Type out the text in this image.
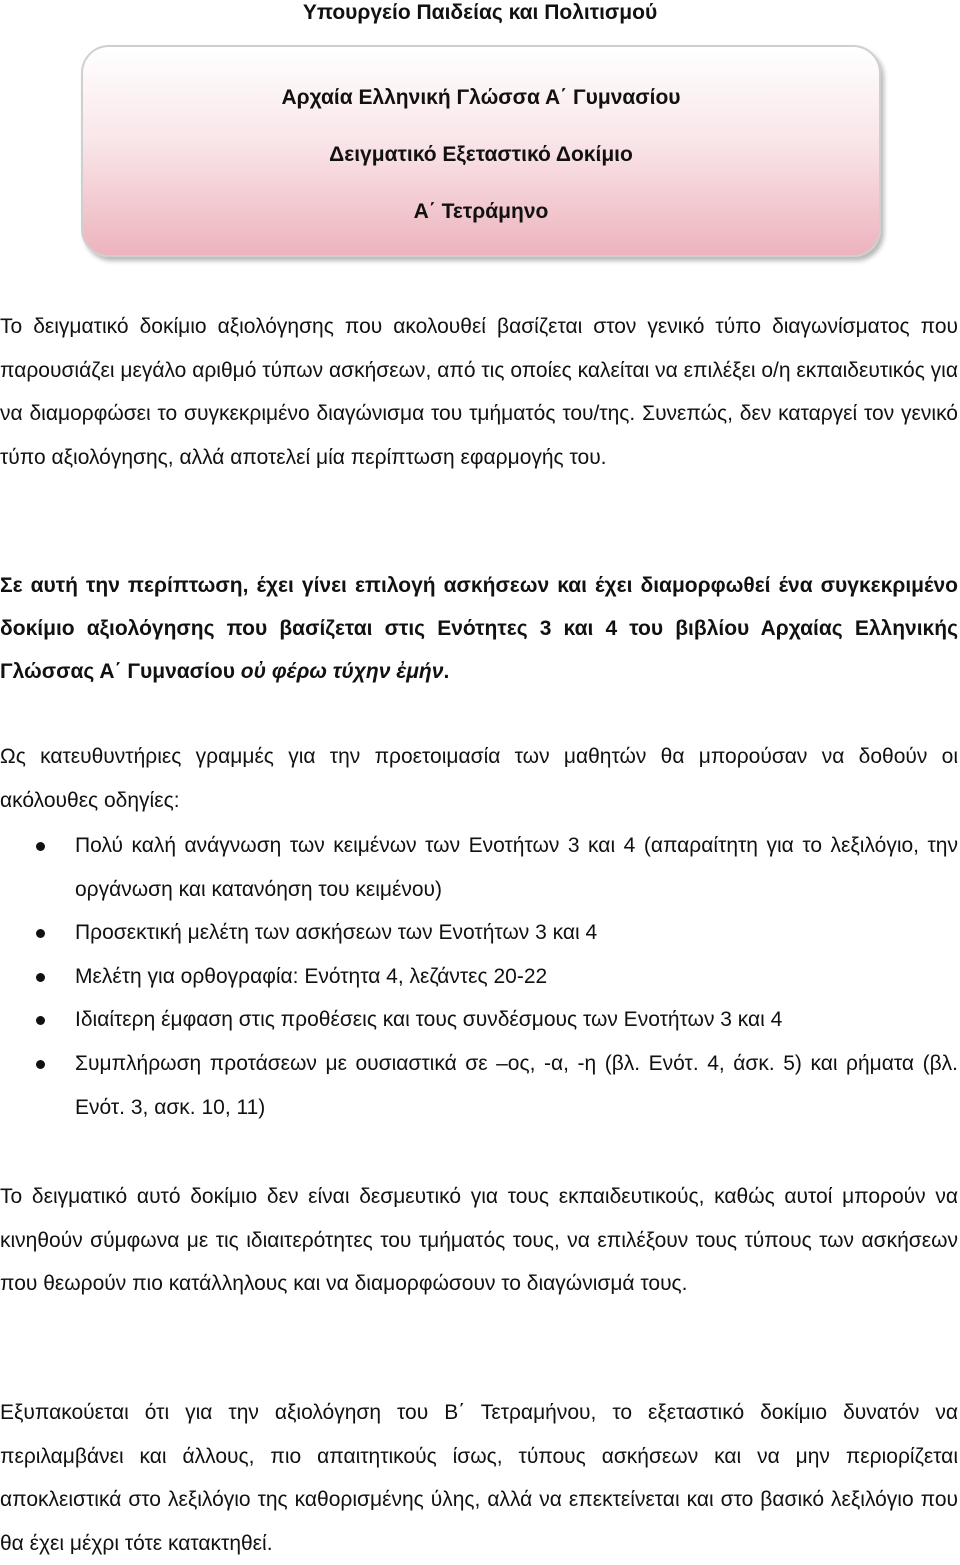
Υπουργείο Παιδείας και Πολιτισμού
Αρχαία Ελληνική Γλώσσα Α΄ Γυμνασίου
Δειγματικό Εξεταστικό Δοκίμιο
Α΄ Τετράμηνο

Το δειγματικό δοκίμιο αξιολόγησης που ακολουθεί βασίζεται στον γενικό τύπο διαγωνίσματος που παρουσιάζει μεγάλο αριθμό τύπων ασκήσεων, από τις οποίες καλείται να επιλέξει ο/η εκπαιδευτικός για να διαμορφώσει το συγκεκριμένο διαγώνισμα του τμήματός του/της. Συνεπώς, δεν καταργεί τον γενικό τύπο αξιολόγησης, αλλά αποτελεί μία περίπτωση εφαρμογής του.

Σε αυτή την περίπτωση, έχει γίνει επιλογή ασκήσεων και έχει διαμορφωθεί ένα συγκεκριμένο δοκίμιο αξιολόγησης που βασίζεται στις Ενότητες 3 και 4 του βιβλίου Αρχαίας Ελληνικής Γλώσσας Α΄ Γυμνασίου οὐ φέρω τύχην ἐμήν.

Ως κατευθυντήριες γραμμές για την προετοιμασία των μαθητών θα μπορούσαν να δοθούν οι ακόλουθες οδηγίες:

Πολύ καλή ανάγνωση των κειμένων των Ενοτήτων 3 και 4 (απαραίτητη για το λεξιλόγιο, την οργάνωση και κατανόηση του κειμένου)
Προσεκτική μελέτη των ασκήσεων των Ενοτήτων 3 και 4
Μελέτη για ορθογραφία: Ενότητα 4, λεζάντες 20-22
Ιδιαίτερη έμφαση στις προθέσεις και τους συνδέσμους των Ενοτήτων 3 και 4
Συμπλήρωση προτάσεων με ουσιαστικά σε –ος, -α, -η (βλ. Ενότ. 4, άσκ. 5) και ρήματα (βλ. Ενότ. 3, ασκ. 10, 11)

Το δειγματικό αυτό δοκίμιο δεν είναι δεσμευτικό για τους εκπαιδευτικούς, καθώς αυτοί μπορούν να κινηθούν σύμφωνα με τις ιδιαιτερότητες του τμήματός τους, να επιλέξουν τους τύπους των ασκήσεων που θεωρούν πιο κατάλληλους και να διαμορφώσουν το διαγώνισμά τους.

Εξυπακούεται ότι για την αξιολόγηση του Β΄ Τετραμήνου, το εξεταστικό δοκίμιο δυνατόν να περιλαμβάνει και άλλους, πιο απαιτητικούς ίσως, τύπους ασκήσεων και να μην περιορίζεται αποκλειστικά στο λεξιλόγιο της καθορισμένης ύλης, αλλά να επεκτείνεται και στο βασικό λεξιλόγιο που θα έχει μέχρι τότε κατακτηθεί.
